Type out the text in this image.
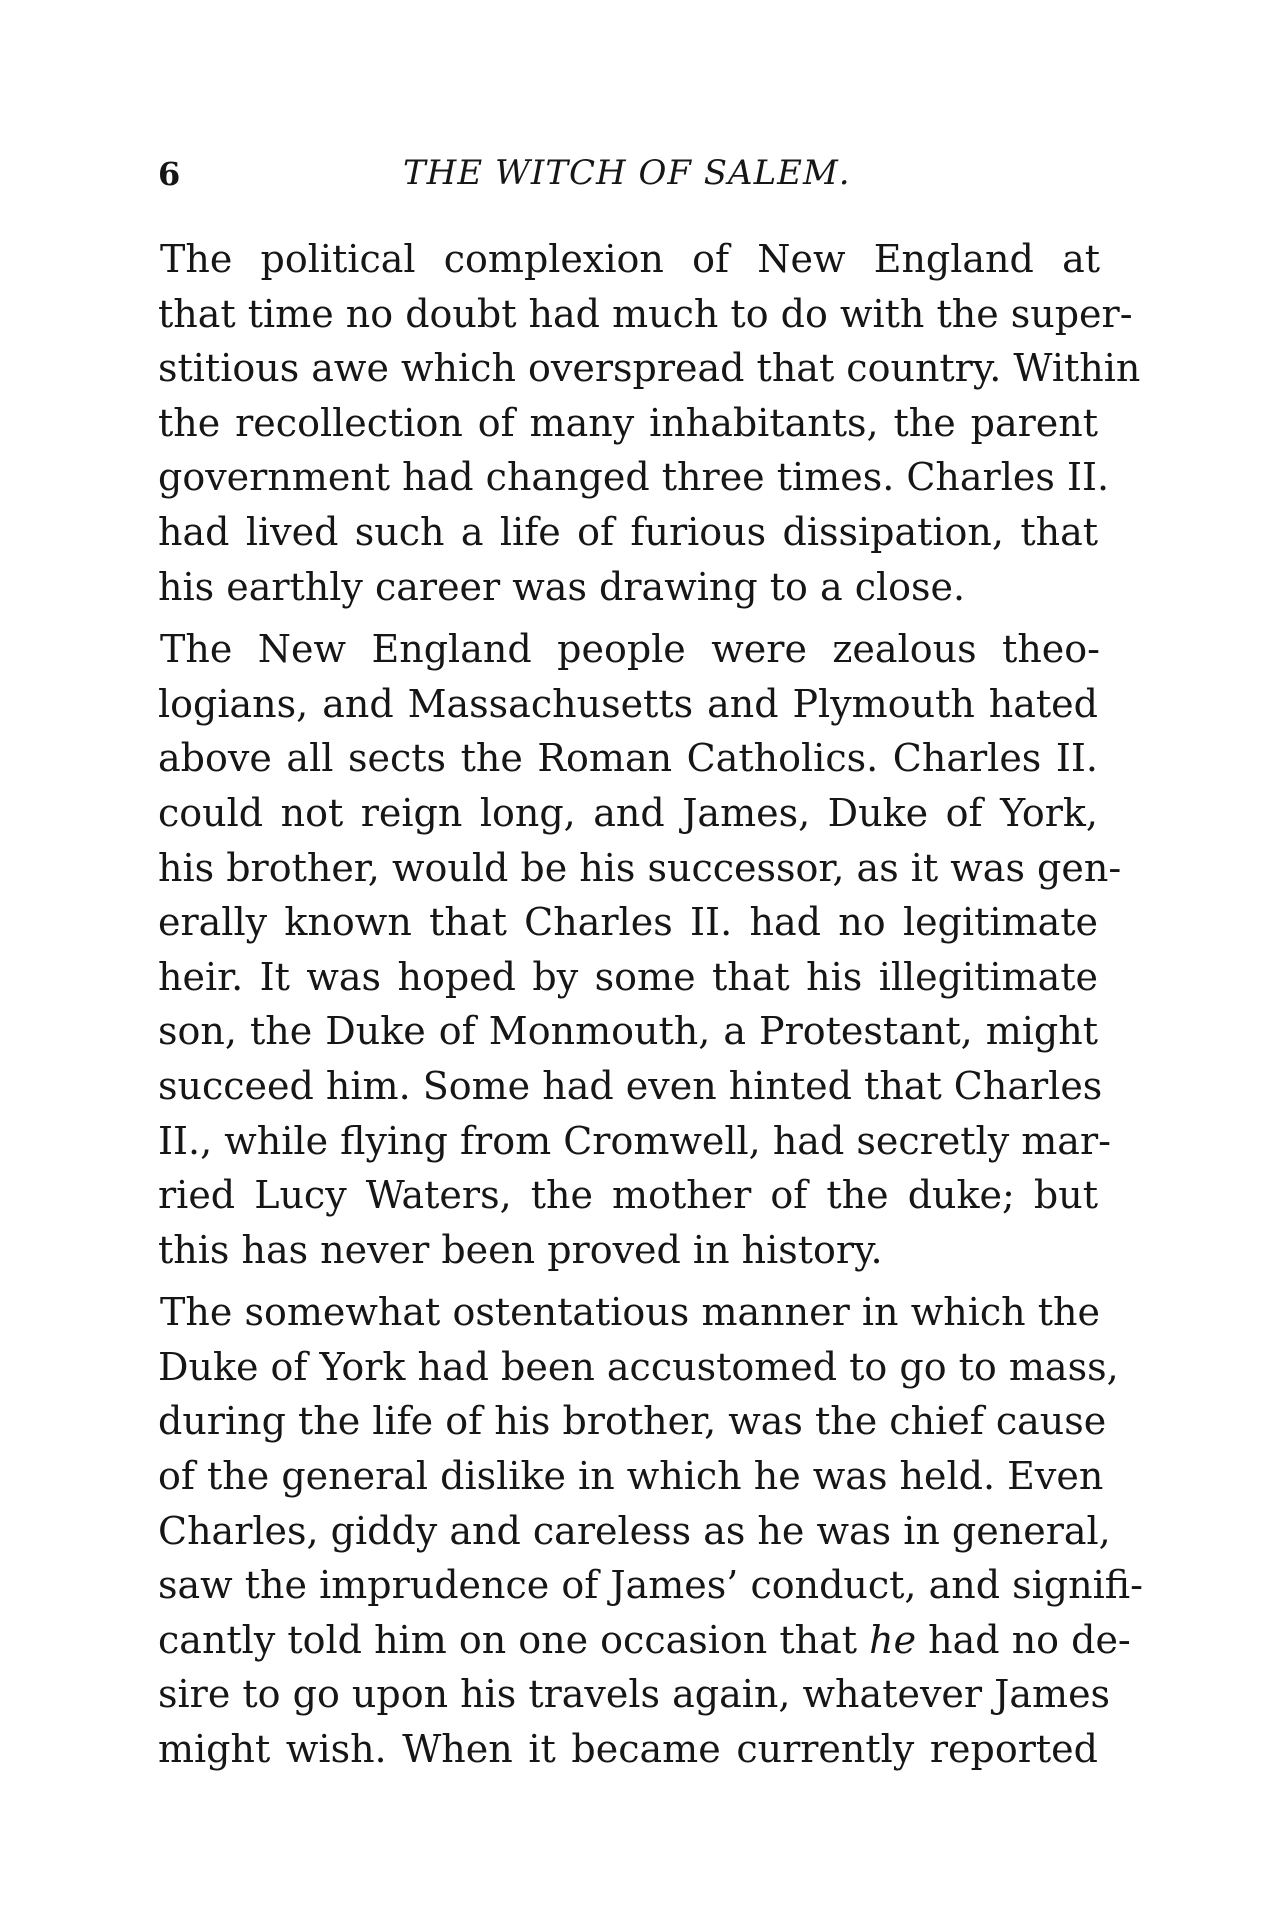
6	THE WITCH OF SALEM.
The political complexion of New England at
that time no doubt had much to do with the super-
stitious awe which overspread that country. Within
the recollection of many inhabitants, the parent
government had changed three times. Charles II.
had lived such a life of furious dissipation, that
his earthly career was drawing to a close.
The New England people were zealous theo-
logians, and Massachusetts and Plymouth hated
above all sects the Roman Catholics. Charles II.
could not reign long, and James, Duke of York,
his brother, would be his successor, as it was gen-
erally known that Charles II. had no legitimate
heir. It was hoped by some that his illegitimate
son, the Duke of Monmouth, a Protestant, might
succeed him. Some had even hinted that Charles
II., while flying from Cromwell, had secretly mar-
ried Lucy Waters, the mother of the duke; but
this has never been proved in history.
The somewhat ostentatious manner in which the
Duke of York had been accustomed to go to mass,
during the life of his brother, was the chief cause
of the general dislike in which he was held. Even
Charles, giddy and careless as he was in general,
saw the imprudence of James’ conduct, and signifi-
cantly told him on one occasion that he had no de-
sire to go upon his travels again, whatever James
might wish. When it became currently reported
